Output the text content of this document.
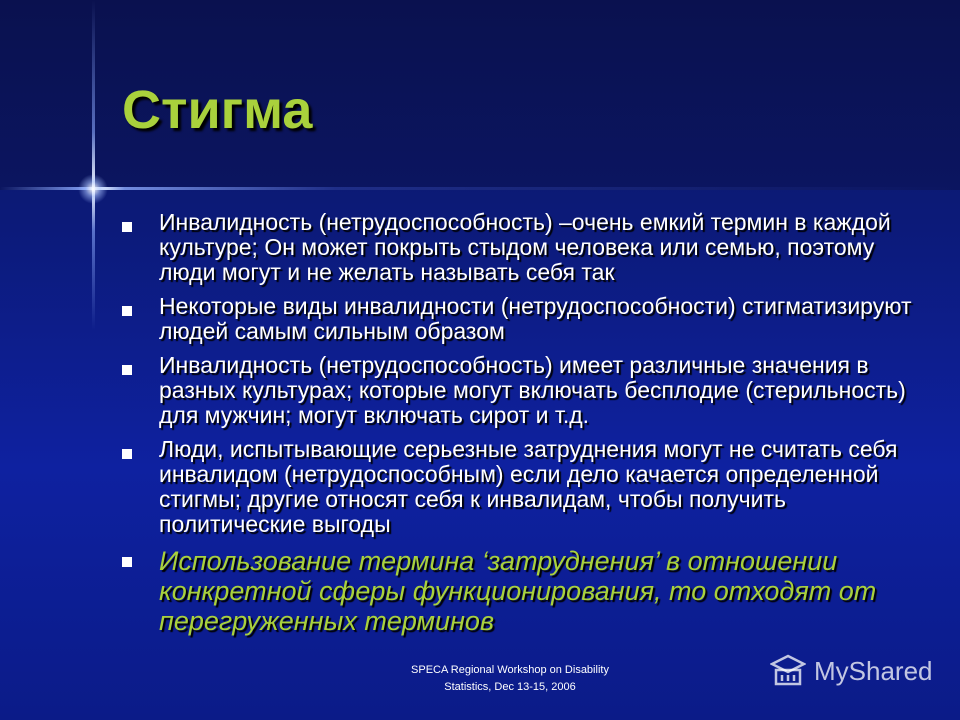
Стигма
Инвалидность (нетрудоспособность) –очень емкий термин в каждой культуре; Он может покрыть стыдом человека или семью, поэтому люди могут и не желать называть себя так
Некоторые виды инвалидности (нетрудоспособности) стигматизируют людей самым сильным образом
Инвалидность (нетрудоспособность) имеет различные значения в разных культурах; которые могут включать бесплодие (стерильность) для мужчин; могут включать сирот и т.д.
Люди, испытывающие серьезные затруднения могут не считать себя инвалидом (нетрудоспособным) если дело качается определенной стигмы; другие относят себя к инвалидам, чтобы получить политические выгоды
Использование термина ‘затруднения’ в отношении конкретной сферы функционирования, то отходят от перегруженных терминов
SPECA Regional Workshop on Disability
Statistics, Dec 13-15, 2006
MyShared
